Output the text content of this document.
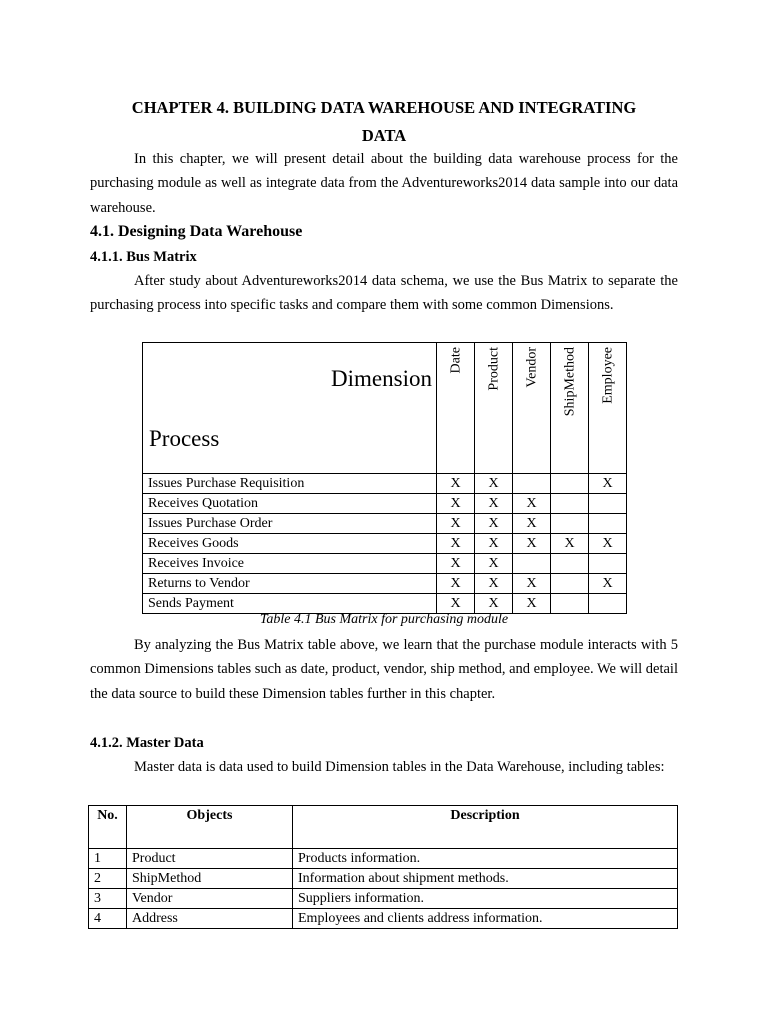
CHAPTER 4. BUILDING DATA WAREHOUSE AND INTEGRATING
DATA
In this chapter, we will present detail about the building data warehouse process for the purchasing module as well as integrate data from the Adventureworks2014 data sample into our data warehouse.
4.1. Designing Data Warehouse
4.1.1. Bus Matrix
After study about Adventureworks2014 data schema, we use the Bus Matrix to separate the purchasing process into specific tasks and compare them with some common Dimensions.
Dimension
Process	Date	Product	Vendor	ShipMethod	Employee

Issues Purchase Requisition	X	X			X
Receives Quotation	X	X	X		
Issues Purchase Order	X	X	X		
Receives Goods	X	X	X	X	X
Receives Invoice	X	X			
Returns to Vendor	X	X	X		X
Sends Payment	X	X	X		
Table 4.1 Bus Matrix for purchasing module
By analyzing the Bus Matrix table above, we learn that the purchase module interacts with 5 common Dimensions tables such as date, product, vendor, ship method, and employee. We will detail the data source to build these Dimension tables further in this chapter.
4.1.2. Master Data
Master data is data used to build Dimension tables in the Data Warehouse, including tables:
No.	Objects	Description
1	Product	Products information.
2	ShipMethod	Information about shipment methods.
3	Vendor	Suppliers information.
4	Address	Employees and clients address information.
